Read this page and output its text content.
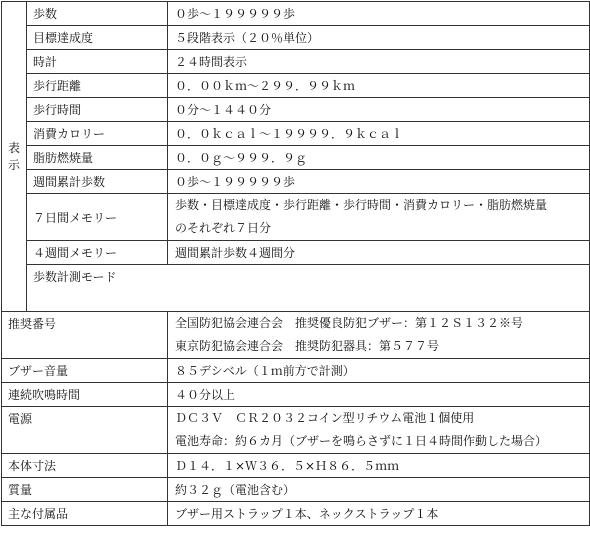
表
示	歩数	０歩～１９９９９９歩	
	目標達成度	５段階表示（２０％単位）	
	時計	２４時間表示	
	歩行距離	０．００ｋｍ～２９９．９９ｋｍ	
	歩行時間	０分～１４４０分	
	消費カロリー	０．０ｋｃａｌ～１９９９９．９ｋｃａｌ	
	脂肪燃焼量	０．０ｇ～９９９．９ｇ	
	週間累計歩数	０歩～１９９９９９歩	
	７日間メモリー	歩数・目標達成度・歩行距離・歩行時間・消費カロリー・脂肪燃焼量
のそれぞれ７日分	

	４週間メモリー	週間累計歩数４週間分	
	歩数計測モード	

推奨番号		全国防犯協会連合会　推奨優良防犯ブザー：第１２Ｓ１３２※号
東京防犯協会連合会　推奨防犯器具：第５７７号	

ブザー音量		８５デシベル（１ｍ前方で計測）	
連続吹鳴時間		４０分以上	
電源		ＤＣ３Ｖ　ＣＲ２０３２コイン型リチウム電池１個使用
電池寿命：約６カ月（ブザーを鳴らさずに１日４時間作動した場合）	

本体寸法		Ｄ１４．１×Ｗ３６．５×Ｈ８６．５ｍｍ	
質量		約３２ｇ（電池含む）	
主な付属品		ブザー用ストラップ１本、ネックストラップ１本	
